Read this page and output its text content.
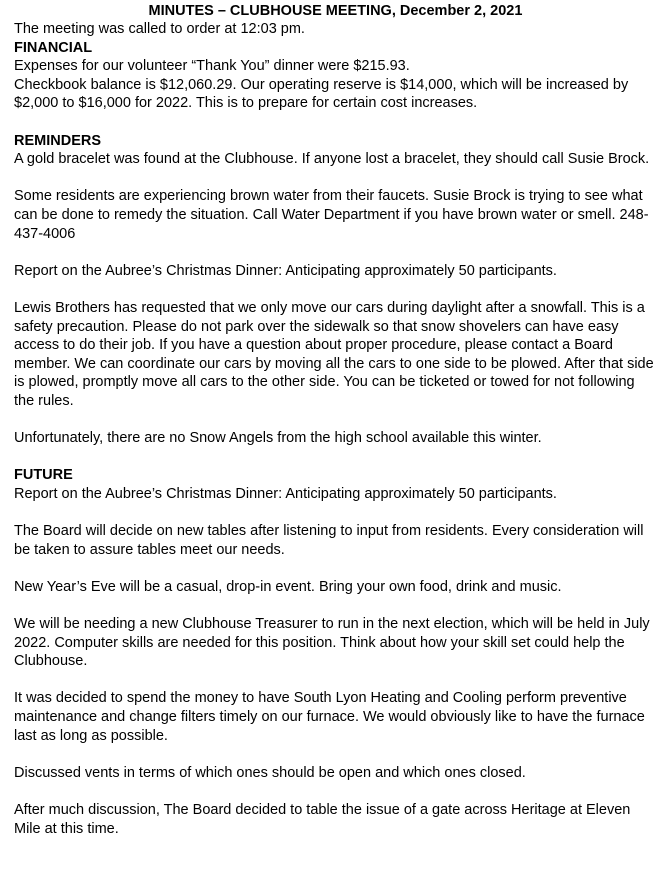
MINUTES – CLUBHOUSE MEETING, December 2, 2021

The meeting was called to order at 12:03 pm.

FINANCIAL

Expenses for our volunteer “Thank You” dinner were $215.93.

Checkbook balance is $12,060.29. Our operating reserve is $14,000, which will be increased by $2,000 to $16,000 for 2022. This is to prepare for certain cost increases.

REMINDERS

A gold bracelet was found at the Clubhouse. If anyone lost a bracelet, they should call Susie Brock.

Some residents are experiencing brown water from their faucets. Susie Brock is trying to see what can be done to remedy the situation. Call Water Department if you have brown water or smell. 248-437-4006

Report on the Aubree’s Christmas Dinner: Anticipating approximately 50 participants.

Lewis Brothers has requested that we only move our cars during daylight after a snowfall. This is a safety precaution. Please do not park over the sidewalk so that snow shovelers can have easy access to do their job. If you have a question about proper procedure, please contact a Board member. We can coordinate our cars by moving all the cars to one side to be plowed. After that side is plowed, promptly move all cars to the other side. You can be ticketed or towed for not following the rules.

Unfortunately, there are no Snow Angels from the high school available this winter.

FUTURE

Report on the Aubree’s Christmas Dinner: Anticipating approximately 50 participants.

The Board will decide on new tables after listening to input from residents. Every consideration will be taken to assure tables meet our needs.

New Year’s Eve will be a casual, drop-in event. Bring your own food, drink and music.

We will be needing a new Clubhouse Treasurer to run in the next election, which will be held in July 2022. Computer skills are needed for this position. Think about how your skill set could help the Clubhouse.

It was decided to spend the money to have South Lyon Heating and Cooling perform preventive maintenance and change filters timely on our furnace. We would obviously like to have the furnace last as long as possible.

Discussed vents in terms of which ones should be open and which ones closed.

After much discussion, The Board decided to table the issue of a gate across Heritage at Eleven Mile at this time.
